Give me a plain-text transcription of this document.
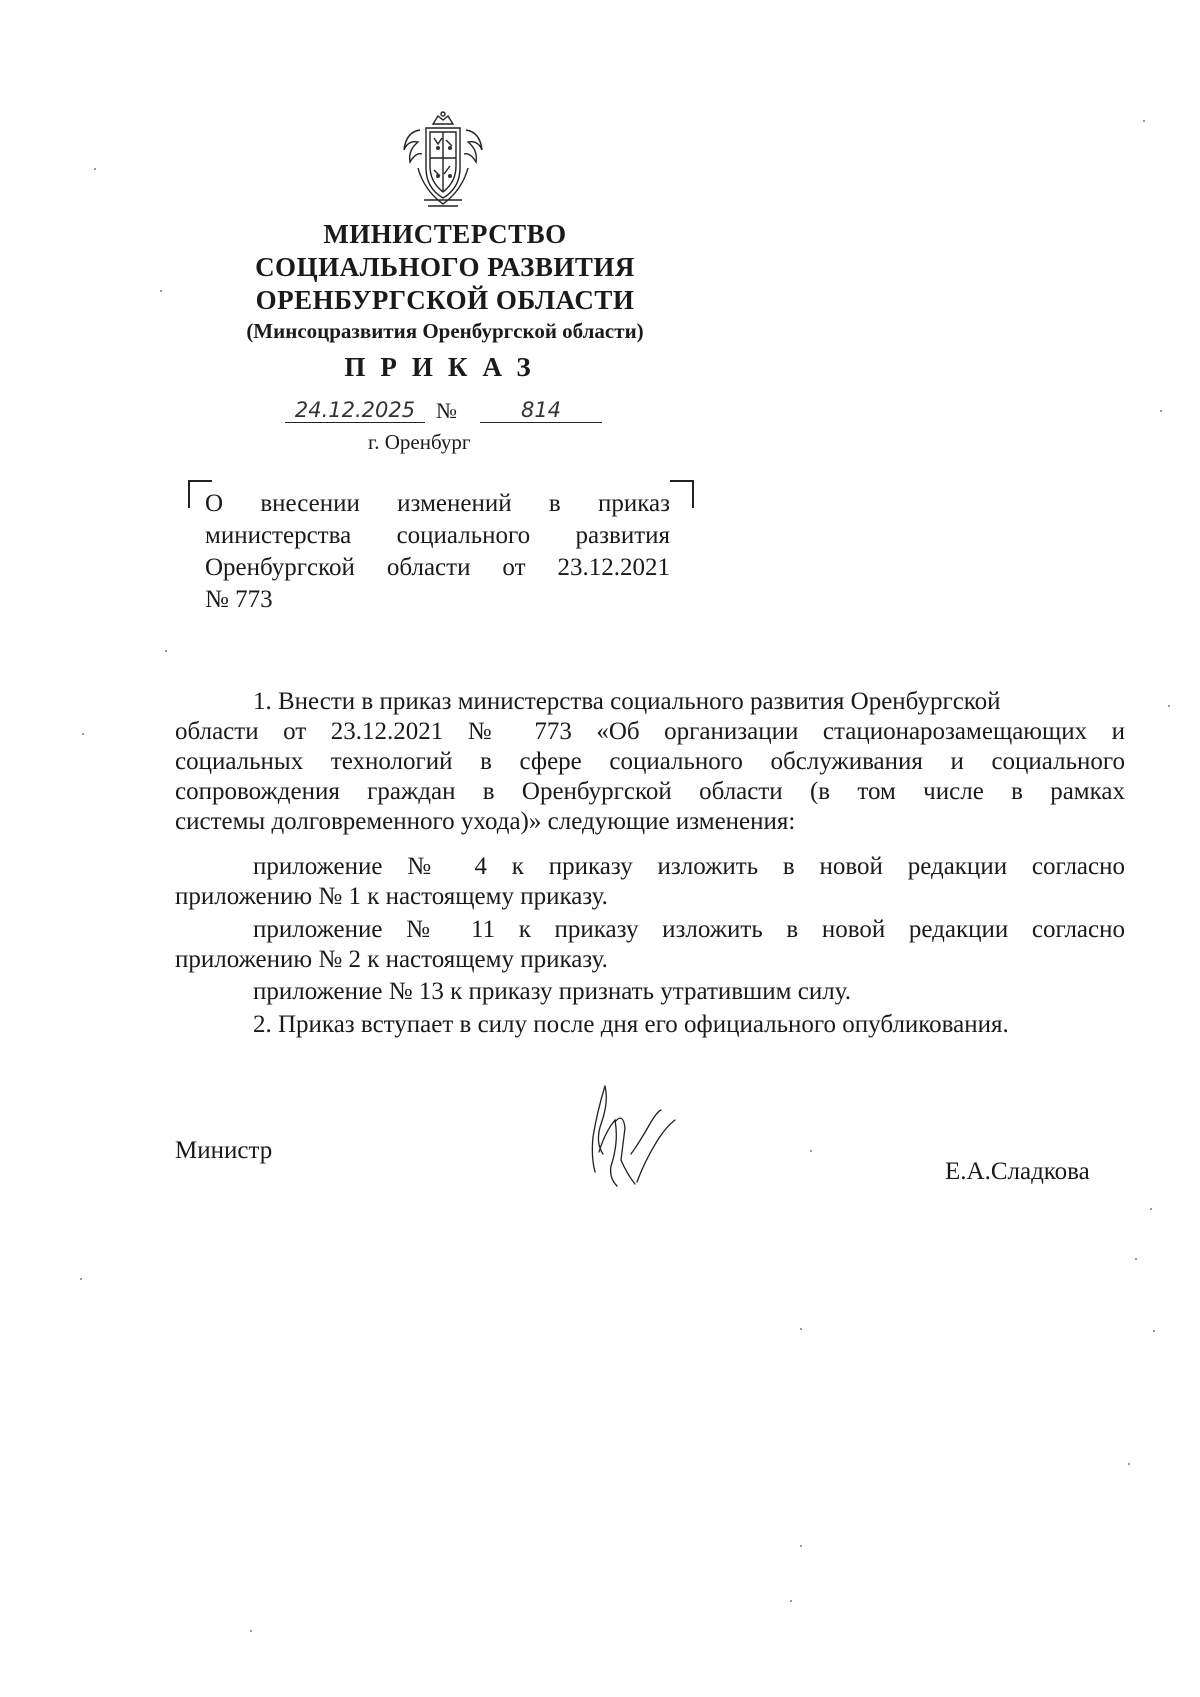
МИНИСТЕРСТВО
СОЦИАЛЬНОГО РАЗВИТИЯ
ОРЕНБУРГСКОЙ ОБЛАСТИ
(Минсоцразвития Оренбургской области)
ПРИКАЗ
24.12.2025 №	814
г. Оренбург
О внесении изменений в приказ
министерства социального развития
Оренбургской области от 23.12.2021
№ 773
1. Внести в приказ министерства социального развития Оренбургской
области от 23.12.2021 № 773 «Об организации стационарозамещающих и
социальных технологий в сфере социального обслуживания и социального
сопровождения граждан в Оренбургской области (в том числе в рамках
системы долговременного ухода)» следующие изменения:
приложение № 4 к приказу изложить в новой редакции согласно
приложению № 1 к настоящему приказу.
приложение № 11 к приказу изложить в новой редакции согласно
приложению № 2 к настоящему приказу.
приложение № 13 к приказу признать утратившим силу.
2. Приказ вступает в силу после дня его официального опубликования.
Министр
Е.А.Сладкова
